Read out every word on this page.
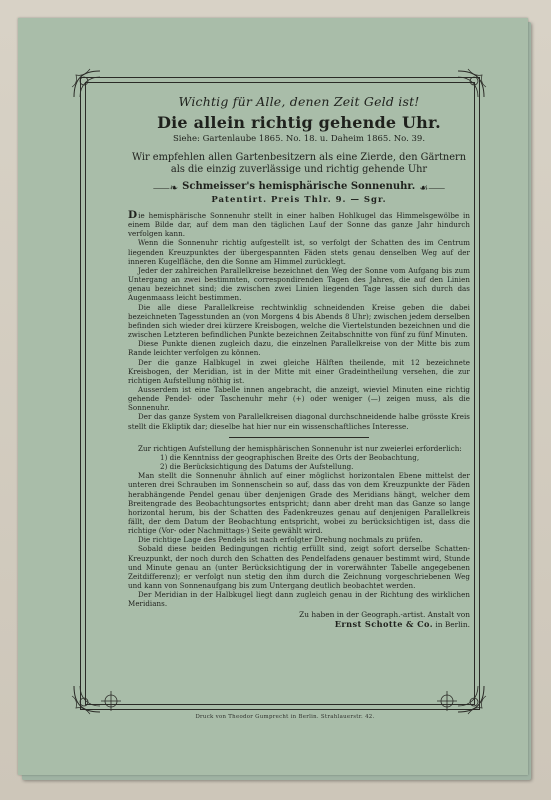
Wichtig für Alle, denen Zeit Geld ist!
Die allein richtig gehende Uhr.
Siehe: Gartenlaube 1865. No. 18. u. Daheim 1865. No. 39.
Wir empfehlen allen Gartenbesitzern als eine Zierde, den Gärtnern als die einzig zuverlässige und richtig gehende Uhr
⸺❧ Schmeisser's hemisphärische Sonnenuhr. ☙⸺
Patentirt. Preis Thlr. 9. — Sgr.

Die hemisphärische Sonnenuhr stellt in einer halben Hohlkugel das Himmelsgewölbe in einem Bilde dar, auf dem man den täglichen Lauf der Sonne das ganze Jahr hindurch verfolgen kann.

Wenn die Sonnenuhr richtig aufgestellt ist, so verfolgt der Schatten des im Centrum liegenden Kreuzpunktes der übergespannten Fäden stets genau denselben Weg auf der inneren Kugelfläche, den die Sonne am Himmel zurücklegt.

Jeder der zahlreichen Parallelkreise bezeichnet den Weg der Sonne vom Aufgang bis zum Untergang an zwei bestimmten, correspondirenden Tagen des Jahres, die auf den Linien genau bezeichnet sind; die zwischen zwei Linien liegenden Tage lassen sich durch das Augenmaass leicht bestimmen.

Die alle diese Parallelkreise rechtwinklig schneidenden Kreise geben die dabei bezeichneten Tagesstunden an (von Morgens 4 bis Abends 8 Uhr); zwischen jedem derselben befinden sich wieder drei kürzere Kreisbogen, welche die Viertelstunden bezeichnen und die zwischen Letzteren befindlichen Punkte bezeichnen Zeitabschnitte von fünf zu fünf Minuten.

Diese Punkte dienen zugleich dazu, die einzelnen Parallelkreise von der Mitte bis zum Rande leichter verfolgen zu können.

Der die ganze Halbkugel in zwei gleiche Hälften theilende, mit 12 bezeichnete Kreisbogen, der Meridian, ist in der Mitte mit einer Gradeintheilung versehen, die zur richtigen Aufstellung nöthig ist.

Ausserdem ist eine Tabelle innen angebracht, die anzeigt, wieviel Minuten eine richtig gehende Pendel- oder Taschenuhr mehr (+) oder weniger (—) zeigen muss, als die Sonnenuhr.

Der das ganze System von Parallelkreisen diagonal durchschneidende halbe grösste Kreis stellt die Ekliptik dar; dieselbe hat hier nur ein wissenschaftliches Interesse.

Zur richtigen Aufstellung der hemisphärischen Sonnenuhr ist nur zweierlei erforderlich:

1) die Kenntniss der geographischen Breite des Orts der Beobachtung,

2) die Berücksichtigung des Datums der Aufstellung.

Man stellt die Sonnenuhr ähnlich auf einer möglichst horizontalen Ebene mittelst der unteren drei Schrauben im Sonnenschein so auf, dass das von dem Kreuzpunkte der Fäden herabhängende Pendel genau über denjenigen Grade des Meridians hängt, welcher dem Breitengrade des Beobachtungsortes entspricht; dann aber dreht man das Ganze so lange horizontal herum, bis der Schatten des Fadenkreuzes genau auf denjenigen Parallelkreis fällt, der dem Datum der Beobachtung entspricht, wobei zu berücksichtigen ist, dass die richtige (Vor- oder Nachmittags-) Seite gewählt wird.

Die richtige Lage des Pendels ist nach erfolgter Drehung nochmals zu prüfen.

Sobald diese beiden Bedingungen richtig erfüllt sind, zeigt sofort derselbe Schatten-Kreuzpunkt, der noch durch den Schatten des Pendelfadens genauer bestimmt wird, Stunde und Minute genau an (unter Berücksichtigung der in vorerwähnter Tabelle angegebenen Zeitdifferenz); er verfolgt nun stetig den ihm durch die Zeichnung vorgeschriebenen Weg und kann von Sonnenaufgang bis zum Untergang deutlich beobachtet werden.

Der Meridian in der Halbkugel liegt dann zugleich genau in der Richtung des wirklichen Meridians.

Zu haben in der Geograph.-artist. Anstalt von
Ernst Schotte & Co. in Berlin.
Druck von Theodor Gumprecht in Berlin. Strahlauerstr. 42.
